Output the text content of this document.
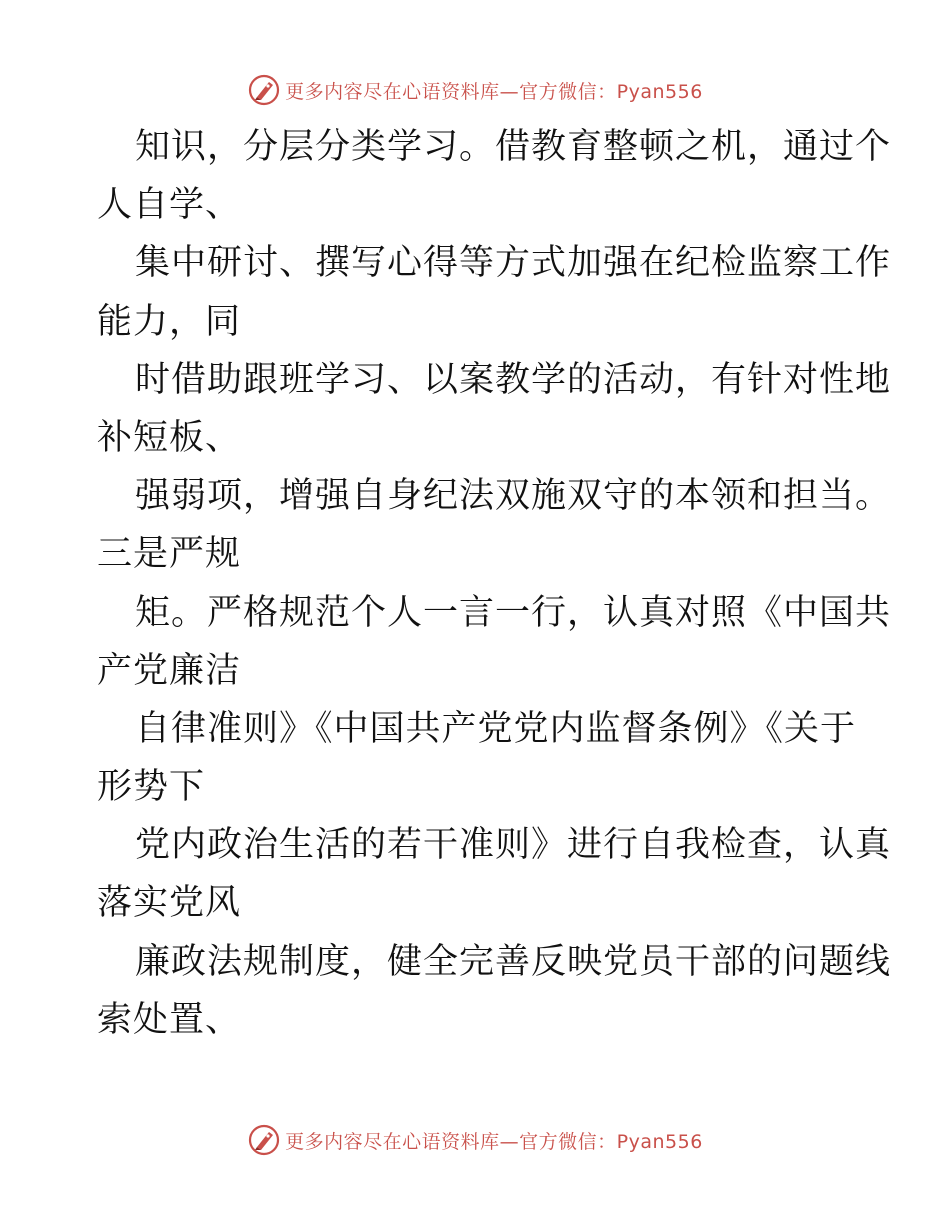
更多内容尽在心语资料库—官方微信：Pyan556
知识，分层分类学习。借教育整顿之机，通过个
人自学、
集中研讨、撰写心得等方式加强在纪检监察工作
能力，同
时借助跟班学习、以案教学的活动，有针对性地
补短板、
强弱项，增强自身纪法双施双守的本领和担当。
三是严规
矩。严格规范个人一言一行，认真对照《中国共
产党廉洁
自律准则》《中国共产党党内监督条例》《关于
形势下
党内政治生活的若干准则》进行自我检查，认真
落实党风
廉政法规制度，健全完善反映党员干部的问题线
索处置、
更多内容尽在心语资料库—官方微信：Pyan556
